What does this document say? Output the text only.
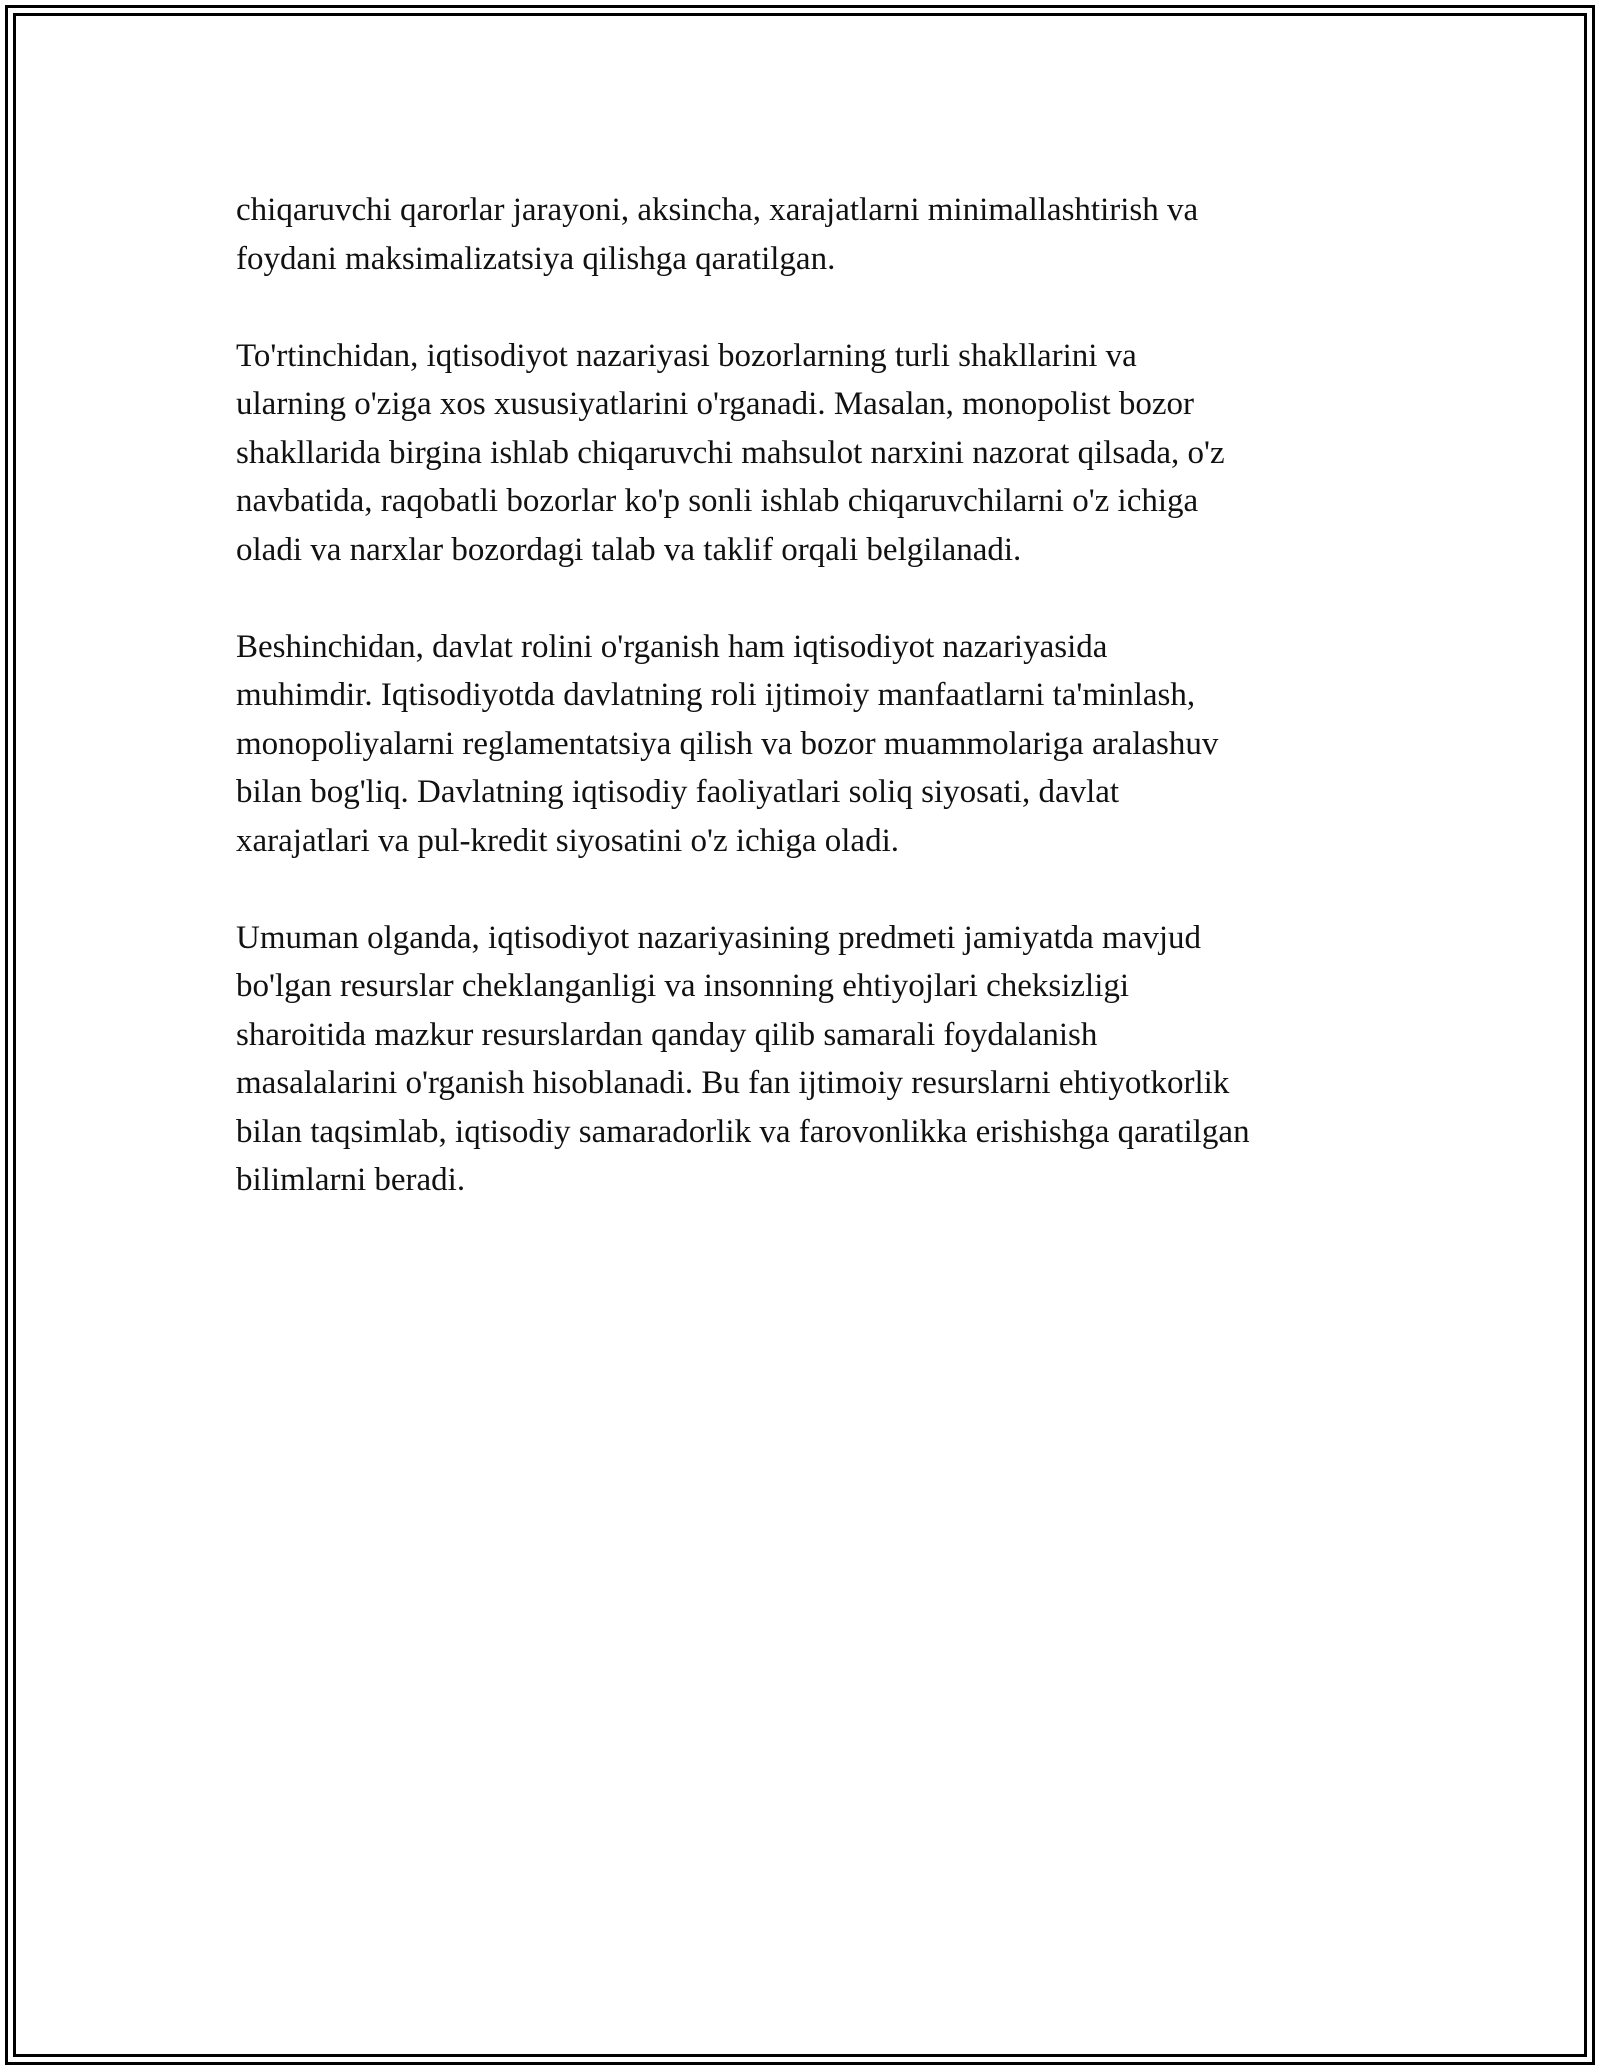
chiqaruvchi qarorlar jarayoni, aksincha, xarajatlarni minimallashtirish va
foydani maksimalizatsiya qilishga qaratilgan.

To'rtinchidan, iqtisodiyot nazariyasi bozorlarning turli shakllarini va
ularning o'ziga xos xususiyatlarini o'rganadi. Masalan, monopolist bozor
shakllarida birgina ishlab chiqaruvchi mahsulot narxini nazorat qilsada, o'z
navbatida, raqobatli bozorlar ko'p sonli ishlab chiqaruvchilarni o'z ichiga
oladi va narxlar bozordagi talab va taklif orqali belgilanadi.

Beshinchidan, davlat rolini o'rganish ham iqtisodiyot nazariyasida
muhimdir. Iqtisodiyotda davlatning roli ijtimoiy manfaatlarni ta'minlash,
monopoliyalarni reglamentatsiya qilish va bozor muammolariga aralashuv
bilan bog'liq. Davlatning iqtisodiy faoliyatlari soliq siyosati, davlat
xarajatlari va pul-kredit siyosatini o'z ichiga oladi.

Umuman olganda, iqtisodiyot nazariyasining predmeti jamiyatda mavjud
bo'lgan resurslar cheklanganligi va insonning ehtiyojlari cheksizligi
sharoitida mazkur resurslardan qanday qilib samarali foydalanish
masalalarini o'rganish hisoblanadi. Bu fan ijtimoiy resurslarni ehtiyotkorlik
bilan taqsimlab, iqtisodiy samaradorlik va farovonlikka erishishga qaratilgan
bilimlarni beradi.
